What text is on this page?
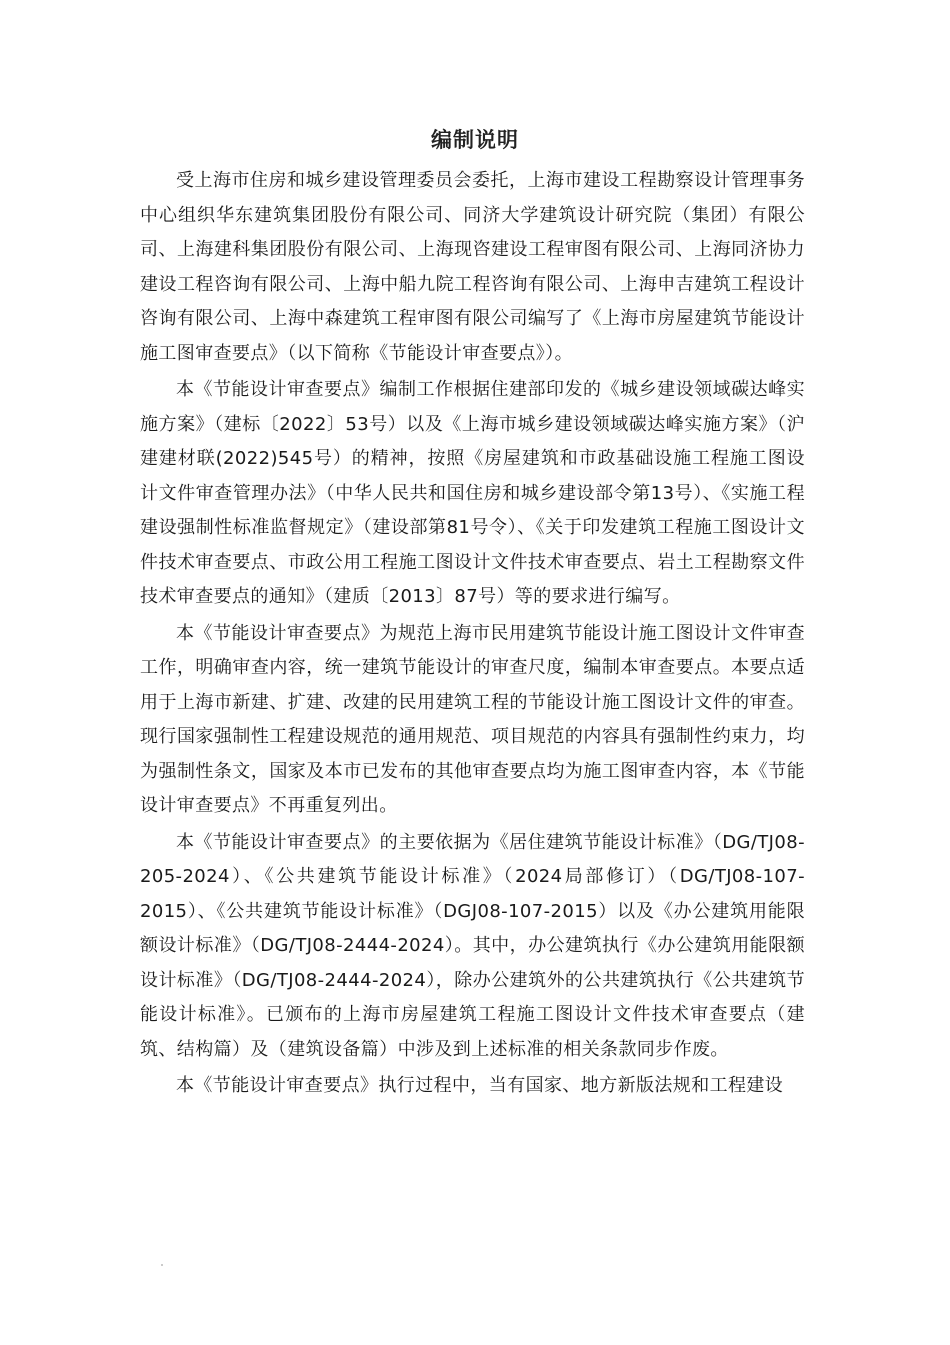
编制说明

受上海市住房和城乡建设管理委员会委托，上海市建设工程勘察设计管理事务中心组织华东建筑集团股份有限公司、同济大学建筑设计研究院（集团）有限公司、上海建科集团股份有限公司、上海现咨建设工程审图有限公司、上海同济协力建设工程咨询有限公司、上海中船九院工程咨询有限公司、上海申吉建筑工程设计咨询有限公司、上海中森建筑工程审图有限公司编写了《上海市房屋建筑节能设计施工图审查要点》（以下简称《节能设计审查要点》）。

本《节能设计审查要点》编制工作根据住建部印发的《城乡建设领域碳达峰实施方案》（建标〔2022〕53号）以及《上海市城乡建设领域碳达峰实施方案》（沪建建材联(2022)545号）的精神，按照《房屋建筑和市政基础设施工程施工图设计文件审查管理办法》（中华人民共和国住房和城乡建设部令第13号）、《实施工程建设强制性标准监督规定》（建设部第81号令）、《关于印发建筑工程施工图设计文件技术审查要点、市政公用工程施工图设计文件技术审查要点、岩土工程勘察文件技术审查要点的通知》（建质〔2013〕87号）等的要求进行编写。

本《节能设计审查要点》为规范上海市民用建筑节能设计施工图设计文件审查工作，明确审查内容，统一建筑节能设计的审查尺度，编制本审查要点。本要点适用于上海市新建、扩建、改建的民用建筑工程的节能设计施工图设计文件的审查。现行国家强制性工程建设规范的通用规范、项目规范的内容具有强制性约束力，均为强制性条文，国家及本市已发布的其他审查要点均为施工图审查内容，本《节能设计审查要点》不再重复列出。

本《节能设计审查要点》的主要依据为《居住建筑节能设计标准》（DG/TJ08-205-2024）、《公共建筑节能设计标准》（2024局部修订）（DG/TJ08-107-2015）、《公共建筑节能设计标准》（DGJ08-107-2015）以及《办公建筑用能限额设计标准》（DG/TJ08-2444-2024）。其中，办公建筑执行《办公建筑用能限额设计标准》（DG/TJ08-2444-2024），除办公建筑外的公共建筑执行《公共建筑节能设计标准》。已颁布的上海市房屋建筑工程施工图设计文件技术审查要点（建筑、结构篇）及（建筑设备篇）中涉及到上述标准的相关条款同步作废。

本《节能设计审查要点》执行过程中，当有国家、地方新版法规和工程建设
